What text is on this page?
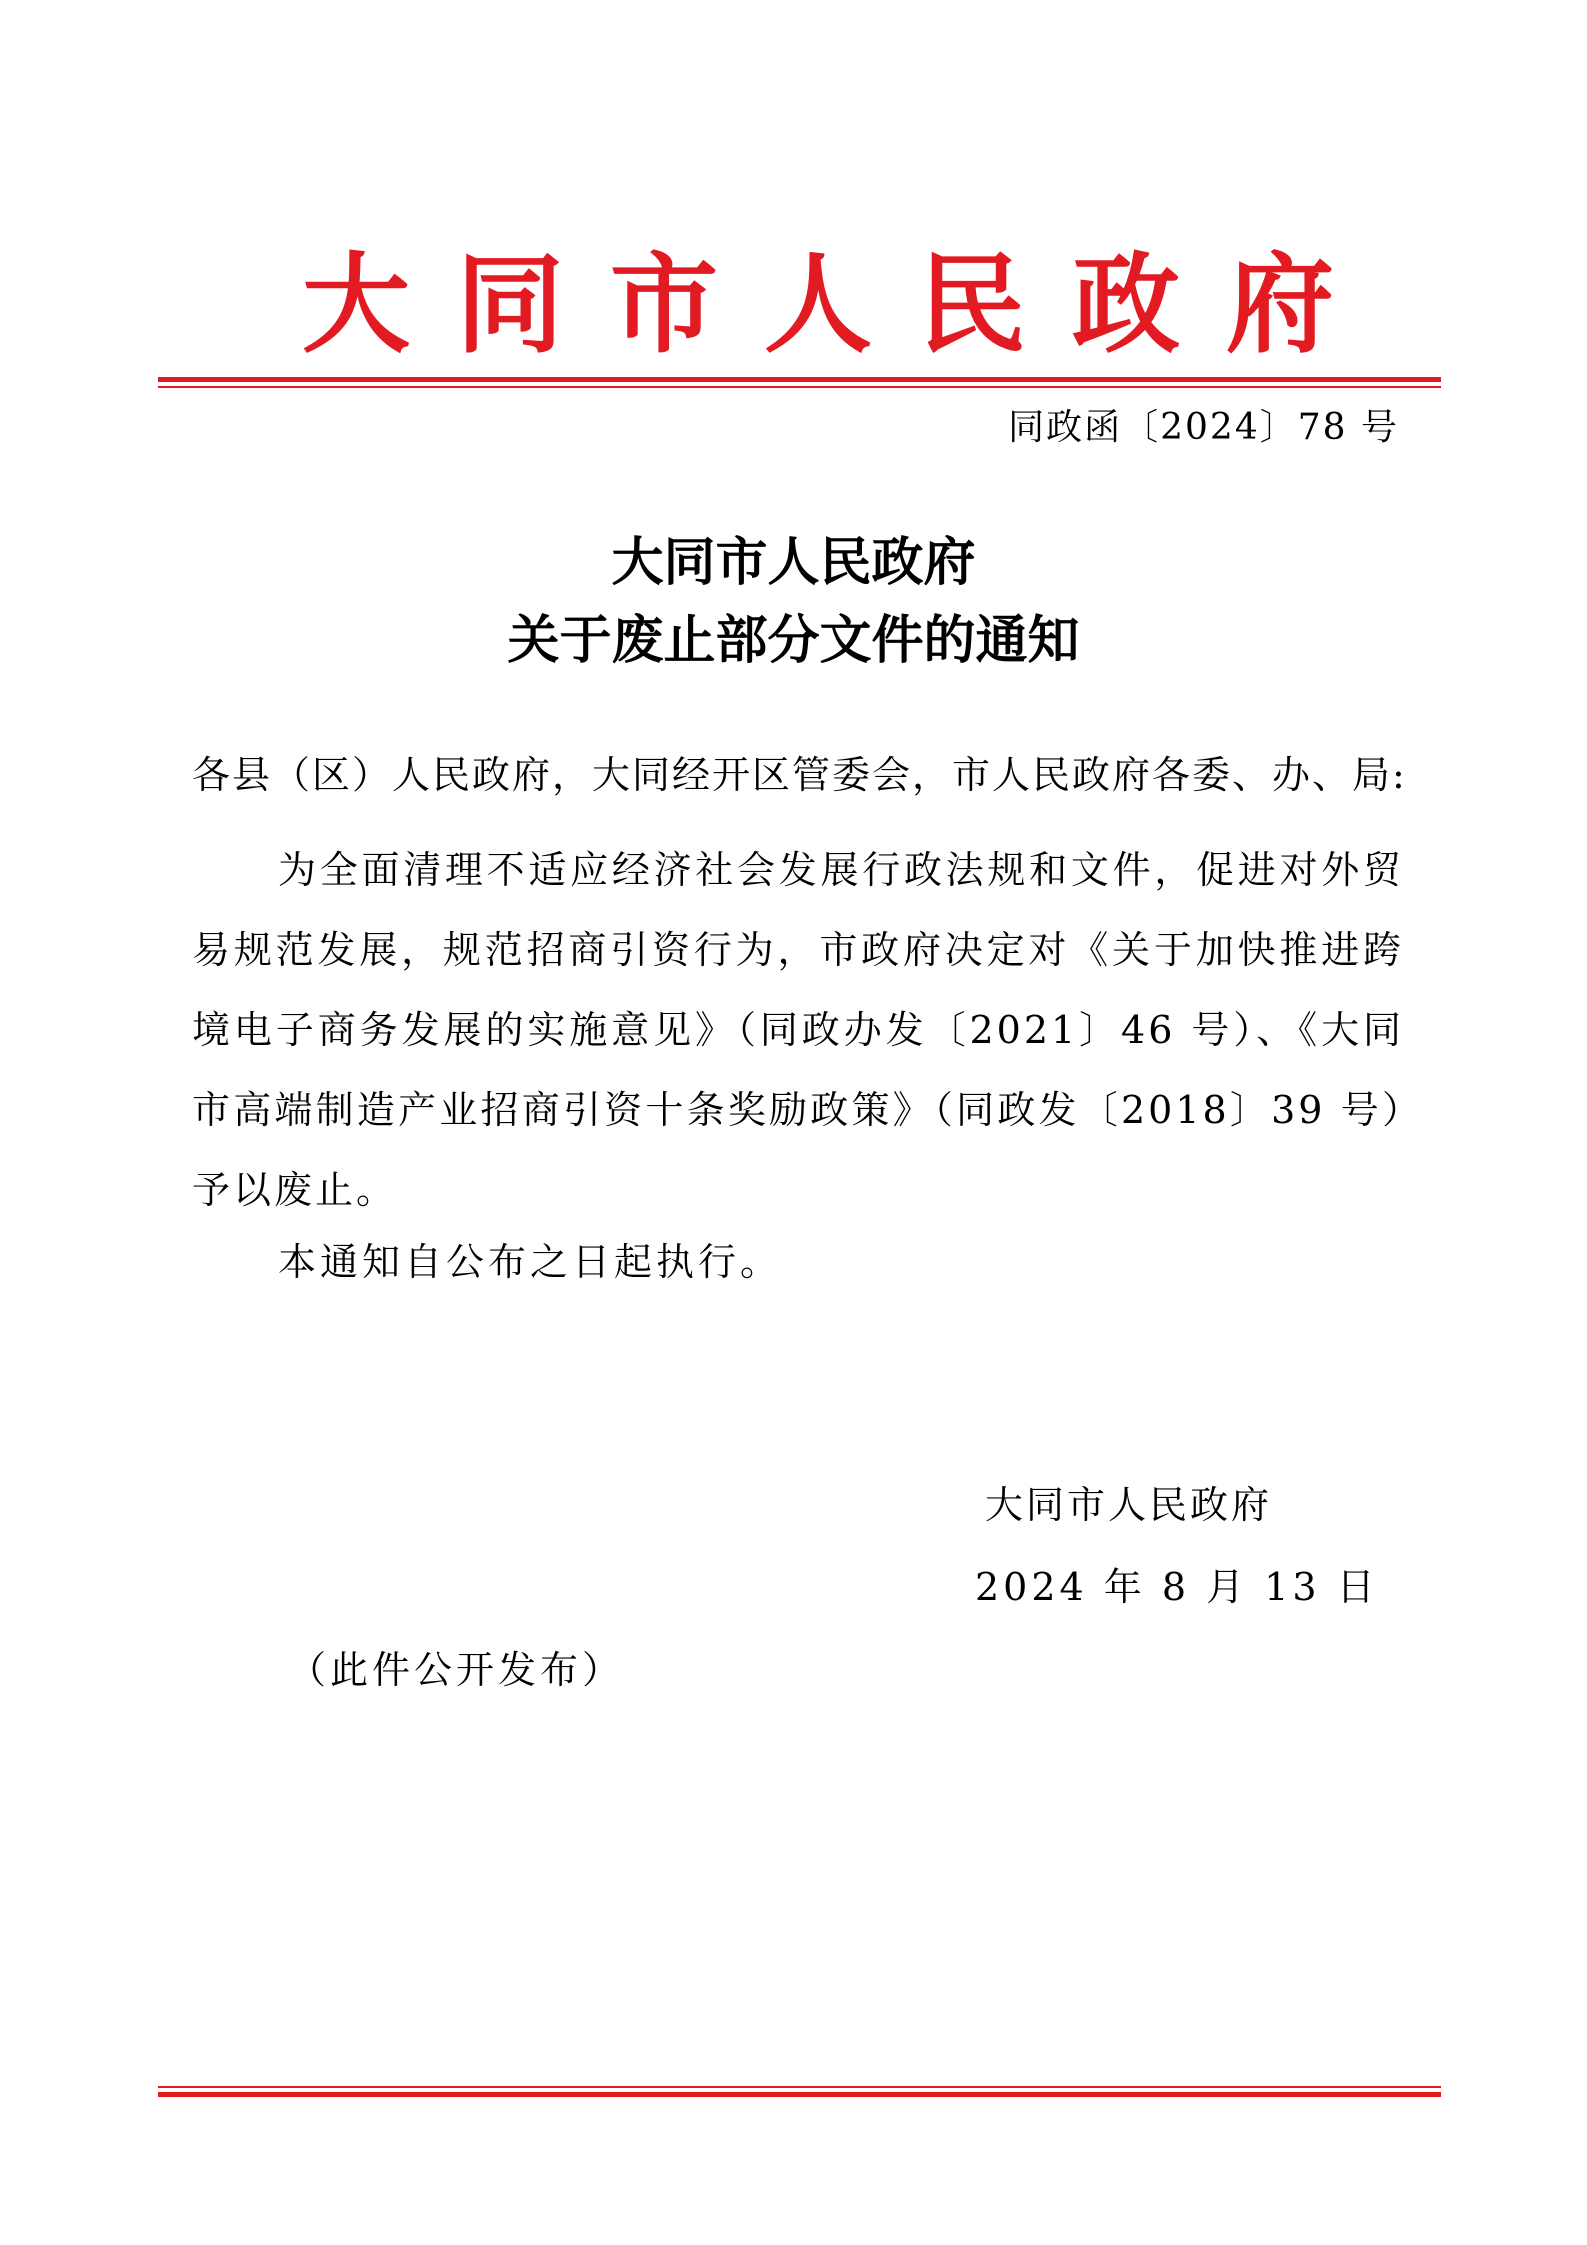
大同市人民政府
同政函〔2024〕78 号
大同市人民政府
关于废止部分文件的通知
各县（区）人民政府，大同经开区管委会，市人民政府各委、办、局:
为全面清理不适应经济社会发展行政法规和文件，促进对外贸易规范发展，规范招商引资行为，市政府决定对《关于加快推进跨境电子商务发展的实施意见》（同政办发〔2021〕46 号）、《大同市高端制造产业招商引资十条奖励政策》（同政发〔2018〕39 号）予以废止。
本通知自公布之日起执行。
大同市人民政府
2024 年 8 月 13 日
（此件公开发布）
